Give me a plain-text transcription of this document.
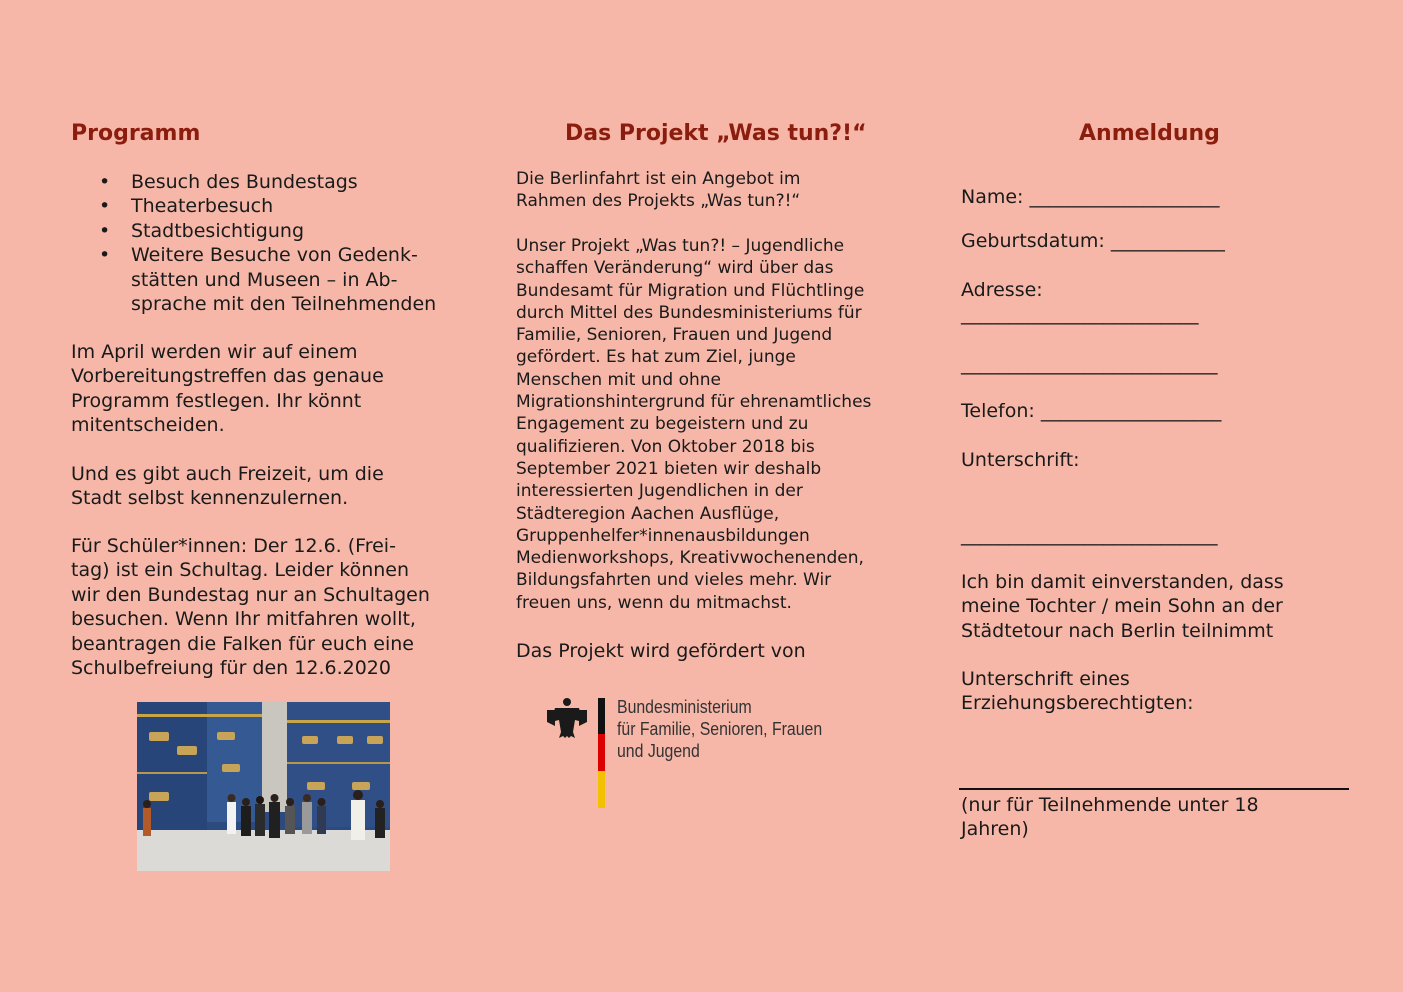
Programm
• Besuch des Bundestags
• Theaterbesuch
• Stadtbesichtigung
• Weitere Besuche von Gedenk-
stätten und Museen – in Ab-
sprache mit den Teilnehmenden

Im April werden wir auf einem
Vorbereitungstreffen das genaue
Programm festlegen. Ihr könnt
mitentscheiden.

Und es gibt auch Freizeit, um die
Stadt selbst kennenzulernen.

Für Schüler*innen: Der 12.6. (Frei-
tag) ist ein Schultag. Leider können
wir den Bundestag nur an Schultagen
besuchen. Wenn Ihr mitfahren wollt,
beantragen die Falken für euch eine
Schulbefreiung für den 12.6.2020

Das Projekt „Was tun?!“

Die Berlinfahrt ist ein Angebot im
Rahmen des Projekts „Was tun?!“

Unser Projekt „Was tun?! – Jugendliche
schaffen Veränderung“ wird über das
Bundesamt für Migration und Flüchtlinge
durch Mittel des Bundesministeriums für
Familie, Senioren, Frauen und Jugend
gefördert. Es hat zum Ziel, junge
Menschen mit und ohne
Migrationshintergrund für ehrenamtliches
Engagement zu begeistern und zu
qualifizieren. Von Oktober 2018 bis
September 2021 bieten wir deshalb
interessierten Jugendlichen in der
Städteregion Aachen Ausflüge,
Gruppenhelfer*innenausbildungen
Medienworkshops, Kreativwochenenden,
Bildungsfahrten und vieles mehr. Wir
freuen uns, wenn du mitmachst.

Das Projekt wird gefördert von

Bundesministerium
für Familie, Senioren, Frauen
und Jugend
Anmeldung

Name: ____________________

Geburtsdatum: ____________

Adresse:

_________________________

___________________________

Telefon: ___________________

Unterschrift:

___________________________

Ich bin damit einverstanden, dass
meine Tochter / mein Sohn an der
Städtetour nach Berlin teilnimmt

Unterschrift eines
Erziehungsberechtigten:

(nur für Teilnehmende unter 18
Jahren)
